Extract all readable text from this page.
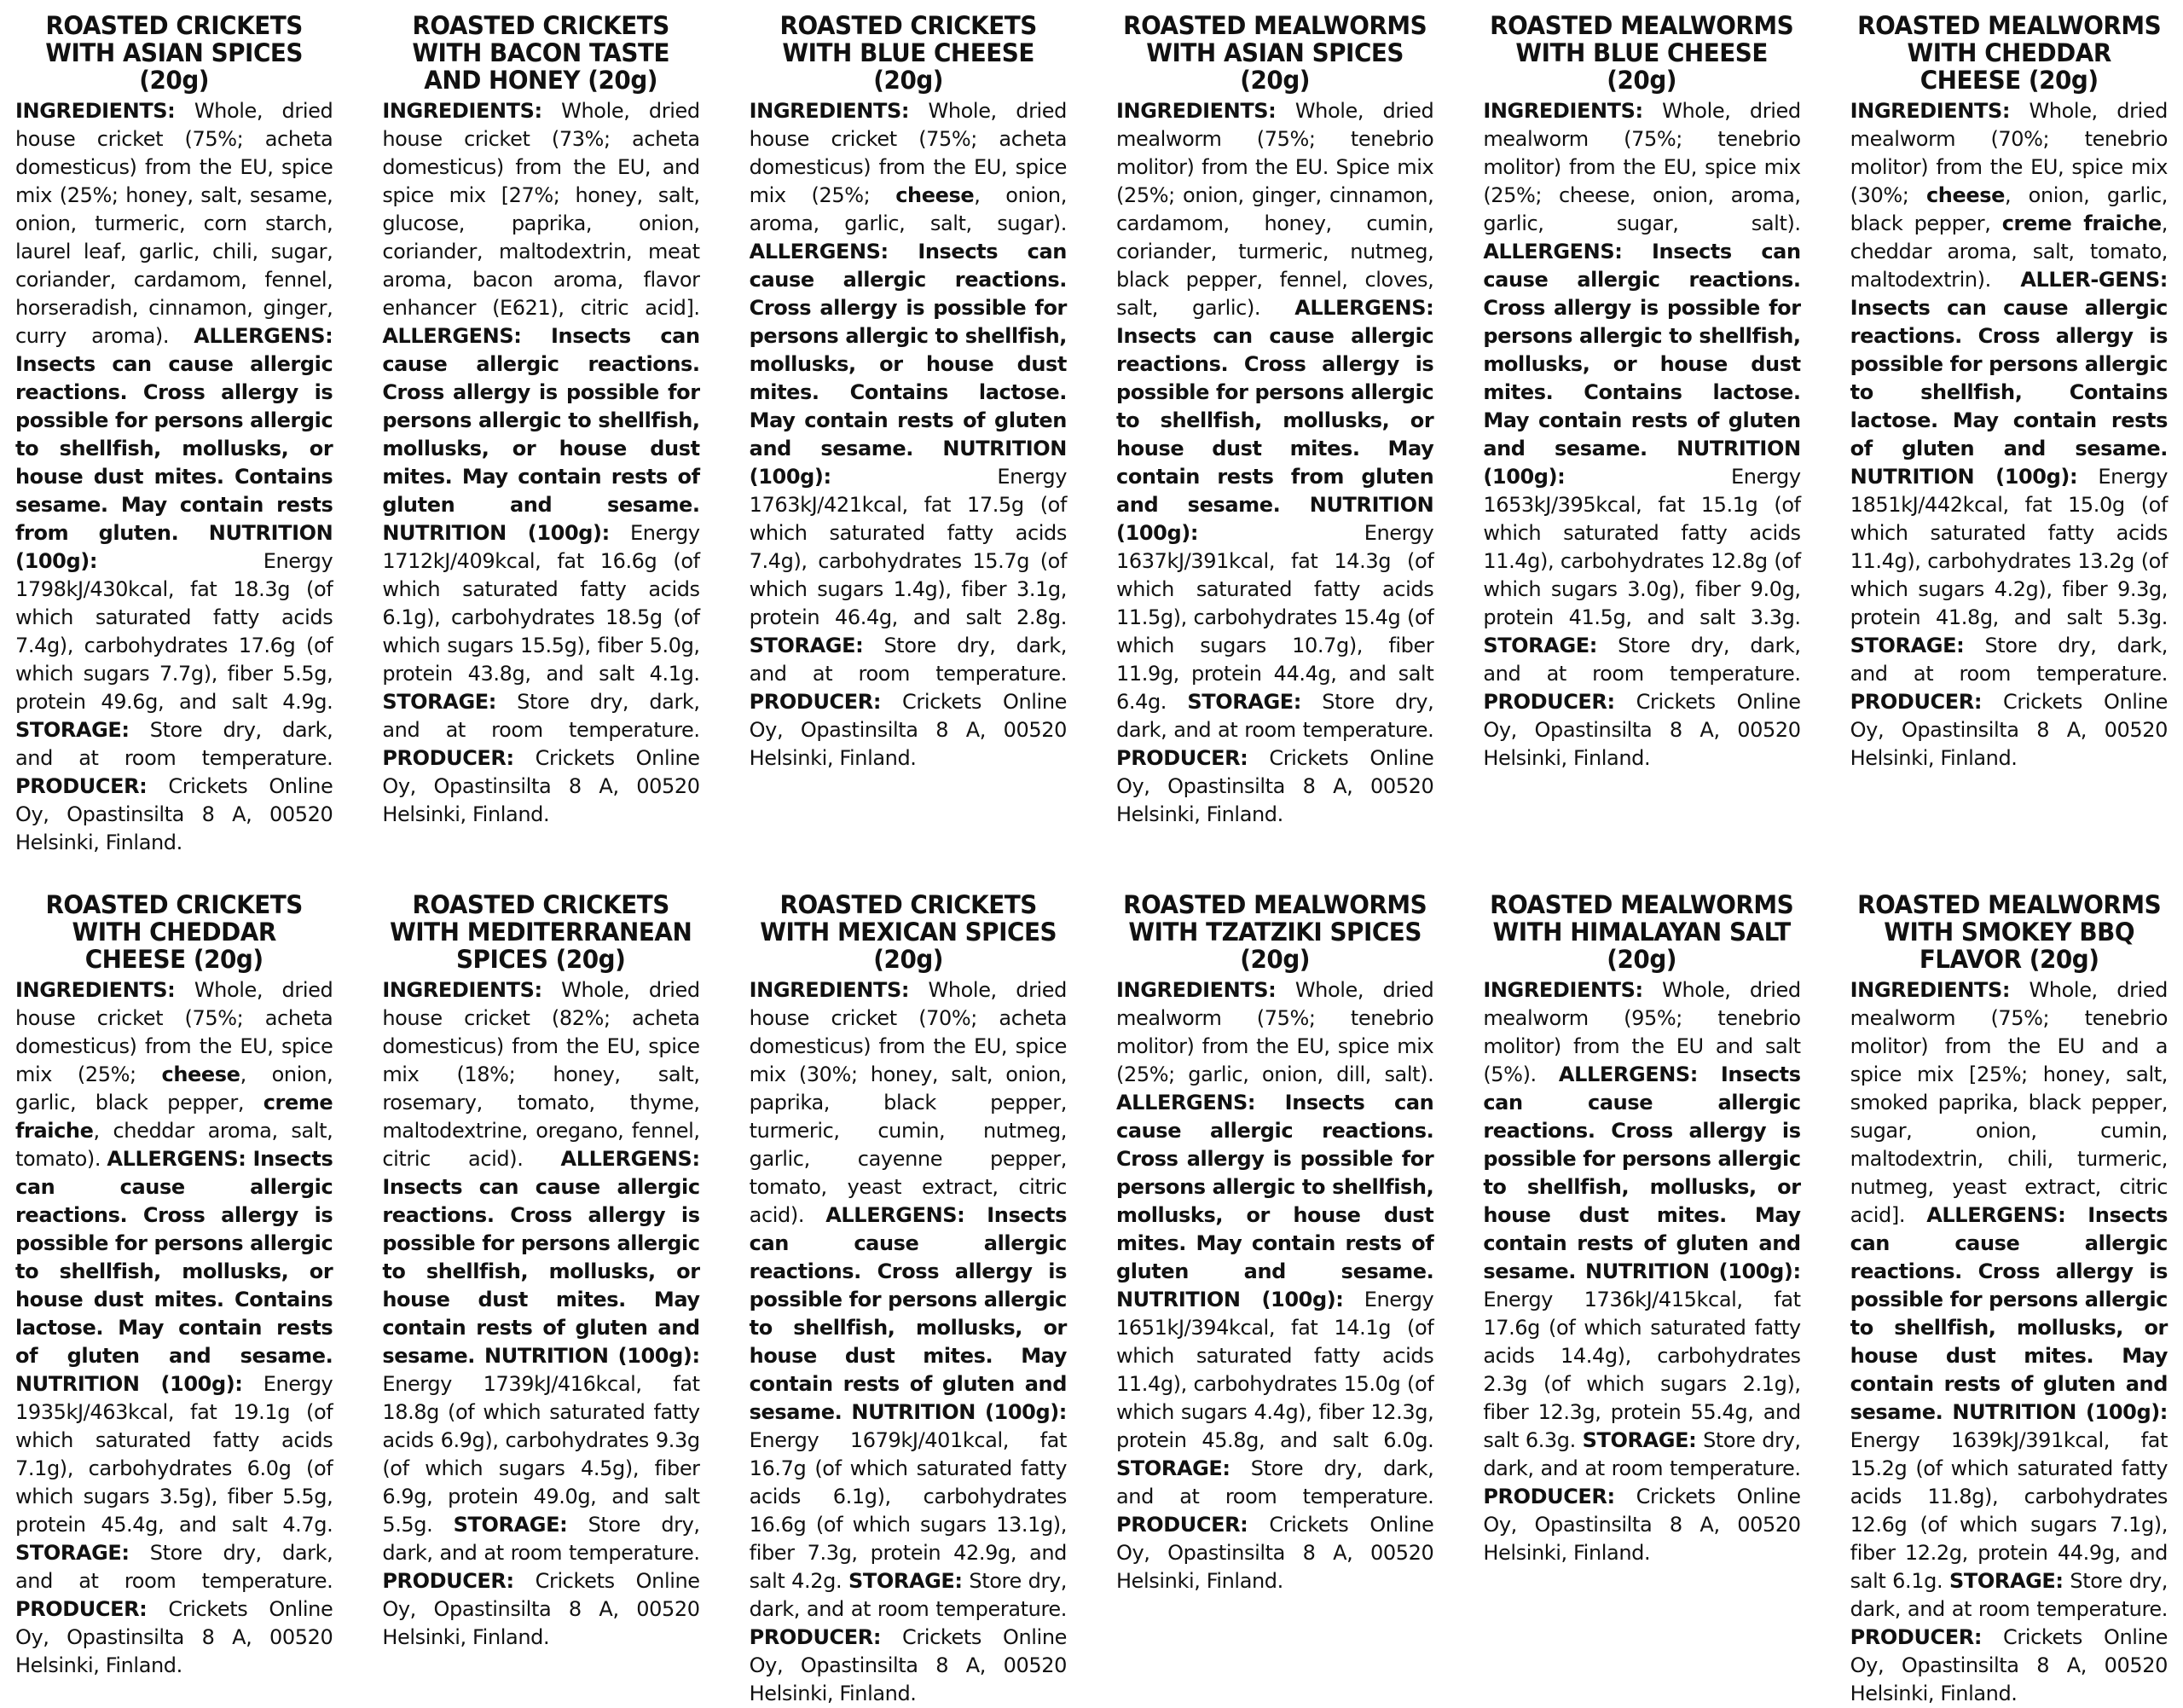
ROASTED CRICKETS WITH ASIAN SPICES (20g)

INGREDIENTS: Whole, dried house cricket (75%; acheta domesticus) from the EU, spice mix (25%; honey, salt, sesame, onion, turmeric, corn starch, laurel leaf, garlic, chili, sugar, coriander, cardamom, fennel, horseradish, cinnamon, ginger, curry aroma). ALLERGENS: Insects can cause allergic reactions. Cross allergy is possible for persons allergic to shellfish, mollusks, or house dust mites. Contains sesame. May contain rests from gluten. NUTRITION (100g): Energy 1798kJ/430kcal, fat 18.3g (of which saturated fatty acids 7.4g), carbohydrates 17.6g (of which sugars 7.7g), fiber 5.5g, protein 49.6g, and salt 4.9g. STORAGE: Store dry, dark, and at room temperature. PRODUCER: Crickets Online Oy, Opastinsilta 8 A, 00520 Helsinki, Finland.

ROASTED CRICKETS WITH BACON TASTE AND HONEY (20g)

INGREDIENTS: Whole, dried house cricket (73%; acheta domesticus) from the EU, and spice mix [27%; honey, salt, glucose, paprika, onion, coriander, maltodextrin, meat aroma, bacon aroma, flavor enhancer (E621), citric acid]. ALLERGENS: Insects can cause allergic reactions. Cross allergy is possible for persons allergic to shellfish, mollusks, or house dust mites. May contain rests of gluten and sesame. NUTRITION (100g): Energy 1712kJ/409kcal, fat 16.6g (of which saturated fatty acids 6.1g), carbohydrates 18.5g (of which sugars 15.5g), fiber 5.0g, protein 43.8g, and salt 4.1g. STORAGE: Store dry, dark, and at room temperature. PRODUCER: Crickets Online Oy, Opastinsilta 8 A, 00520 Helsinki, Finland.

ROASTED CRICKETS WITH BLUE CHEESE (20g)

INGREDIENTS: Whole, dried house cricket (75%; acheta domesticus) from the EU, spice mix (25%; cheese, onion, aroma, garlic, salt, sugar). ALLERGENS: Insects can cause allergic reactions. Cross allergy is possible for persons allergic to shellfish, mollusks, or house dust mites. Contains lactose. May contain rests of gluten and sesame. NUTRITION (100g): Energy 1763kJ/421kcal, fat 17.5g (of which saturated fatty acids 7.4g), carbohydrates 15.7g (of which sugars 1.4g), fiber 3.1g, protein 46.4g, and salt 2.8g. STORAGE: Store dry, dark, and at room temperature. PRODUCER: Crickets Online Oy, Opastinsilta 8 A, 00520 Helsinki, Finland.

ROASTED MEALWORMS WITH ASIAN SPICES (20g)

INGREDIENTS: Whole, dried mealworm (75%; tenebrio molitor) from the EU. Spice mix (25%; onion, ginger, cinnamon, cardamom, honey, cumin, coriander, turmeric, nutmeg, black pepper, fennel, cloves, salt, garlic). ALLERGENS: Insects can cause allergic reactions. Cross allergy is possible for persons allergic to shellfish, mollusks, or house dust mites. May contain rests from gluten and sesame. NUTRITION (100g): Energy 1637kJ/391kcal, fat 14.3g (of which saturated fatty acids 11.5g), carbohydrates 15.4g (of which sugars 10.7g), fiber 11.9g, protein 44.4g, and salt 6.4g. STORAGE: Store dry, dark, and at room temperature. PRODUCER: Crickets Online Oy, Opastinsilta 8 A, 00520 Helsinki, Finland.

ROASTED MEALWORMS WITH BLUE CHEESE (20g)

INGREDIENTS: Whole, dried mealworm (75%; tenebrio molitor) from the EU, spice mix (25%; cheese, onion, aroma, garlic, sugar, salt). ALLERGENS: Insects can cause allergic reactions. Cross allergy is possible for persons allergic to shellfish, mollusks, or house dust mites. Contains lactose. May contain rests of gluten and sesame. NUTRITION (100g): Energy 1653kJ/395kcal, fat 15.1g (of which saturated fatty acids 11.4g), carbohydrates 12.8g (of which sugars 3.0g), fiber 9.0g, protein 41.5g, and salt 3.3g. STORAGE: Store dry, dark, and at room temperature. PRODUCER: Crickets Online Oy, Opastinsilta 8 A, 00520 Helsinki, Finland.

ROASTED MEALWORMS WITH CHEDDAR CHEESE (20g)

INGREDIENTS: Whole, dried mealworm (70%; tenebrio molitor) from the EU, spice mix (30%; cheese, onion, garlic, black pepper, creme fraiche, cheddar aroma, salt, tomato, maltodextrin). ALLER-GENS: Insects can cause allergic reactions. Cross allergy is possible for persons allergic to shellfish, Contains lactose. May contain rests of gluten and sesame. NUTRITION (100g): Energy 1851kJ/442kcal, fat 15.0g (of which saturated fatty acids 11.4g), carbohydrates 13.2g (of which sugars 4.2g), fiber 9.3g, protein 41.8g, and salt 5.3g. STORAGE: Store dry, dark, and at room temperature. PRODUCER: Crickets Online Oy, Opastinsilta 8 A, 00520 Helsinki, Finland.

ROASTED CRICKETS WITH CHEDDAR CHEESE (20g)

INGREDIENTS: Whole, dried house cricket (75%; acheta domesticus) from the EU, spice mix (25%; cheese, onion, garlic, black pepper, creme fraiche, cheddar aroma, salt, tomato). ALLERGENS: Insects can cause allergic reactions. Cross allergy is possible for persons allergic to shellfish, mollusks, or house dust mites. Contains lactose. May contain rests of gluten and sesame. NUTRITION (100g): Energy 1935kJ/463kcal, fat 19.1g (of which saturated fatty acids 7.1g), carbohydrates 6.0g (of which sugars 3.5g), fiber 5.5g, protein 45.4g, and salt 4.7g. STORAGE: Store dry, dark, and at room temperature. PRODUCER: Crickets Online Oy, Opastinsilta 8 A, 00520 Helsinki, Finland.

ROASTED CRICKETS WITH MEDITERRANEAN SPICES (20g)

INGREDIENTS: Whole, dried house cricket (82%; acheta domesticus) from the EU, spice mix (18%; honey, salt, rosemary, tomato, thyme, maltodextrine, oregano, fennel, citric acid). ALLERGENS: Insects can cause allergic reactions. Cross allergy is possible for persons allergic to shellfish, mollusks, or house dust mites. May contain rests of gluten and sesame. NUTRITION (100g): Energy 1739kJ/416kcal, fat 18.8g (of which saturated fatty acids 6.9g), carbohydrates 9.3g (of which sugars 4.5g), fiber 6.9g, protein 49.0g, and salt 5.5g. STORAGE: Store dry, dark, and at room temperature. PRODUCER: Crickets Online Oy, Opastinsilta 8 A, 00520 Helsinki, Finland.

ROASTED CRICKETS WITH MEXICAN SPICES (20g)

INGREDIENTS: Whole, dried house cricket (70%; acheta domesticus) from the EU, spice mix (30%; honey, salt, onion, paprika, black pepper, turmeric, cumin, nutmeg, garlic, cayenne pepper, tomato, yeast extract, citric acid). ALLERGENS: Insects can cause allergic reactions. Cross allergy is possible for persons allergic to shellfish, mollusks, or house dust mites. May contain rests of gluten and sesame. NUTRITION (100g): Energy 1679kJ/401kcal, fat 16.7g (of which saturated fatty acids 6.1g), carbohydrates 16.6g (of which sugars 13.1g), fiber 7.3g, protein 42.9g, and salt 4.2g. STORAGE: Store dry, dark, and at room temperature. PRODUCER: Crickets Online Oy, Opastinsilta 8 A, 00520 Helsinki, Finland.

ROASTED MEALWORMS WITH TZATZIKI SPICES (20g)

INGREDIENTS: Whole, dried mealworm (75%; tenebrio molitor) from the EU, spice mix (25%; garlic, onion, dill, salt). ALLERGENS: Insects can cause allergic reactions. Cross allergy is possible for persons allergic to shellfish, mollusks, or house dust mites. May contain rests of gluten and sesame. NUTRITION (100g): Energy 1651kJ/394kcal, fat 14.1g (of which saturated fatty acids 11.4g), carbohydrates 15.0g (of which sugars 4.4g), fiber 12.3g, protein 45.8g, and salt 6.0g. STORAGE: Store dry, dark, and at room temperature. PRODUCER: Crickets Online Oy, Opastinsilta 8 A, 00520 Helsinki, Finland.

ROASTED MEALWORMS WITH HIMALAYAN SALT (20g)

INGREDIENTS: Whole, dried mealworm (95%; tenebrio molitor) from the EU and salt (5%). ALLERGENS: Insects can cause allergic reactions. Cross allergy is possible for persons allergic to shellfish, mollusks, or house dust mites. May contain rests of gluten and sesame. NUTRITION (100g): Energy 1736kJ/415kcal, fat 17.6g (of which saturated fatty acids 14.4g), carbohydrates 2.3g (of which sugars 2.1g), fiber 12.3g, protein 55.4g, and salt 6.3g. STORAGE: Store dry, dark, and at room temperature. PRODUCER: Crickets Online Oy, Opastinsilta 8 A, 00520 Helsinki, Finland.

ROASTED MEALWORMS WITH SMOKEY BBQ FLAVOR (20g)

INGREDIENTS: Whole, dried mealworm (75%; tenebrio molitor) from the EU and a spice mix [25%; honey, salt, smoked paprika, black pepper, sugar, onion, cumin, maltodextrin, chili, turmeric, nutmeg, yeast extract, citric acid]. ALLERGENS: Insects can cause allergic reactions. Cross allergy is possible for persons allergic to shellfish, mollusks, or house dust mites. May contain rests of gluten and sesame. NUTRITION (100g): Energy 1639kJ/391kcal, fat 15.2g (of which saturated fatty acids 11.8g), carbohydrates 12.6g (of which sugars 7.1g), fiber 12.2g, protein 44.9g, and salt 6.1g. STORAGE: Store dry, dark, and at room temperature. PRODUCER: Crickets Online Oy, Opastinsilta 8 A, 00520 Helsinki, Finland.
